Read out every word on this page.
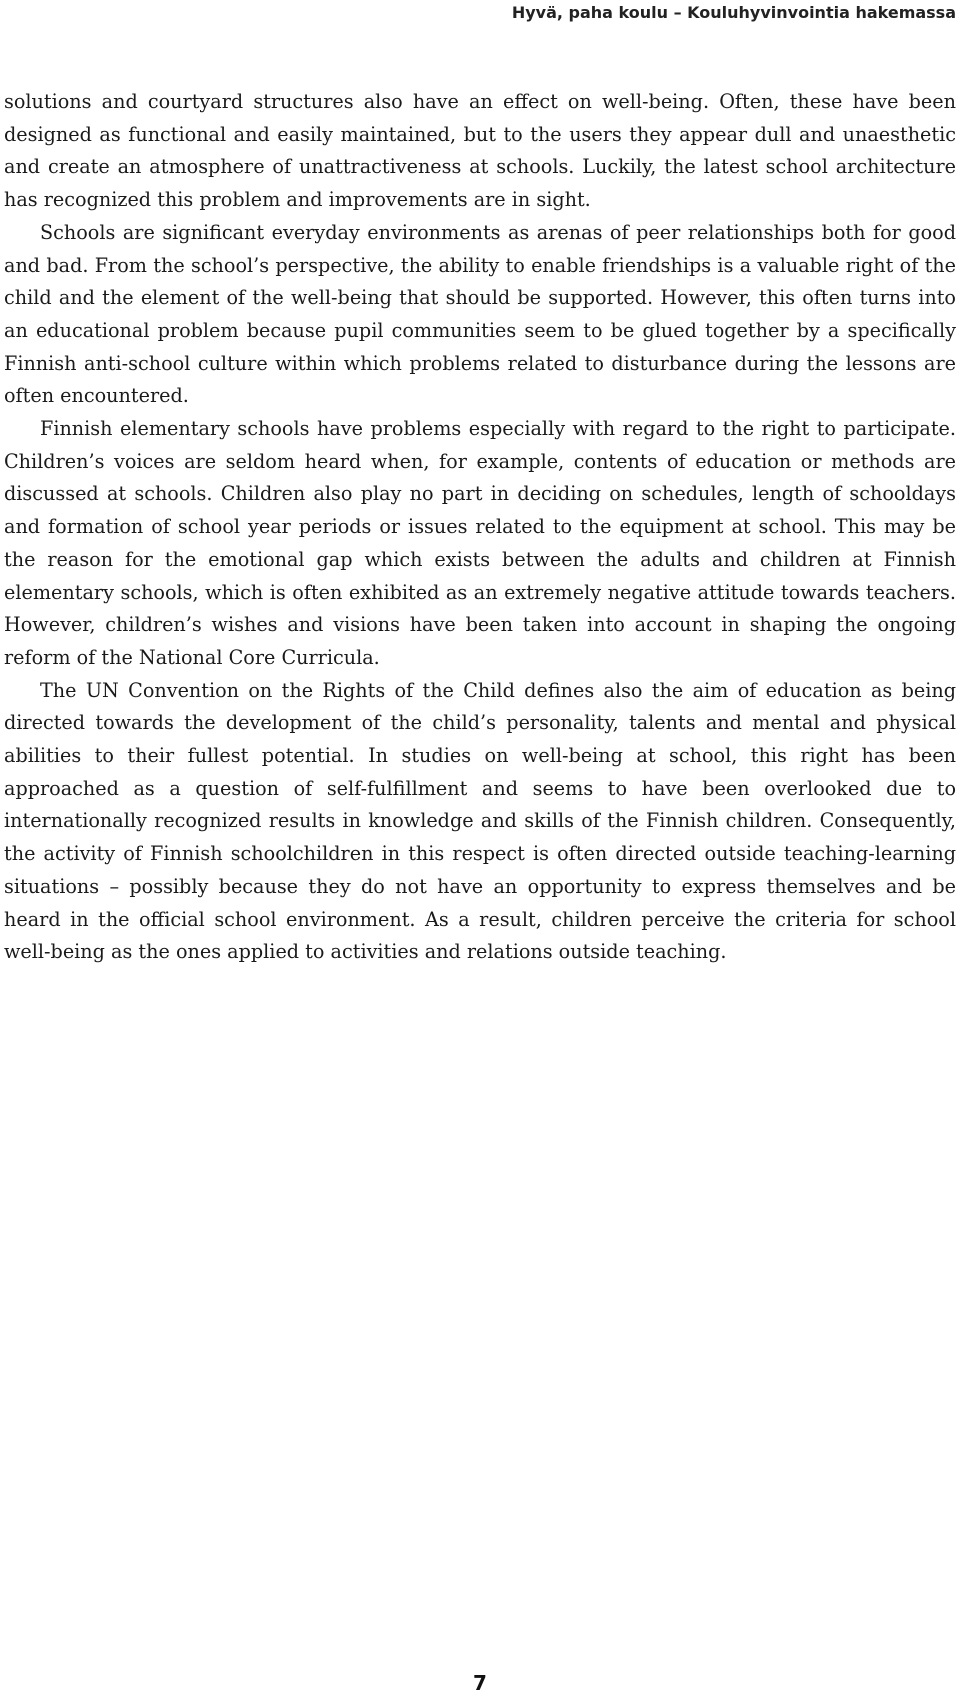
Hyvä, paha koulu – Kouluhyvinvointia hakemassa

solutions and courtyard structures also have an effect on well-being. Often, these have been designed as functional and easily maintained, but to the users they appear dull and unaesthetic and create an atmosphere of unattractiveness at schools. Luckily, the latest school architecture has recognized this problem and improvements are in sight.

Schools are significant everyday environments as arenas of peer relationships both for good and bad. From the school’s perspective, the ability to enable friendships is a valuable right of the child and the element of the well-being that should be supported. However, this often turns into an educational problem because pupil communities seem to be glued together by a specifically Finnish anti-school culture within which problems related to disturbance during the lessons are often encountered.

Finnish elementary schools have problems especially with regard to the right to participate. Children’s voices are seldom heard when, for example, contents of education or methods are discussed at schools. Children also play no part in deciding on schedules, length of schooldays and formation of school year periods or issues related to the equipment at school. This may be the reason for the emotional gap which exists between the adults and children at Finnish elementary schools, which is often exhibited as an extremely negative attitude towards teachers. However, children’s wishes and visions have been taken into account in shaping the ongoing reform of the National Core Curricula.

The UN Convention on the Rights of the Child defines also the aim of education as being directed towards the development of the child’s personality, talents and mental and physical abilities to their fullest potential. In studies on well-being at school, this right has been approached as a question of self-fulfillment and seems to have been overlooked due to internationally recognized results in knowledge and skills of the Finnish children. Consequently, the activity of Finnish schoolchildren in this respect is often directed outside teaching-learning situations – possibly because they do not have an opportunity to express themselves and be heard in the official school environment. As a result, children perceive the criteria for school well-being as the ones applied to activities and relations outside teaching.

7
